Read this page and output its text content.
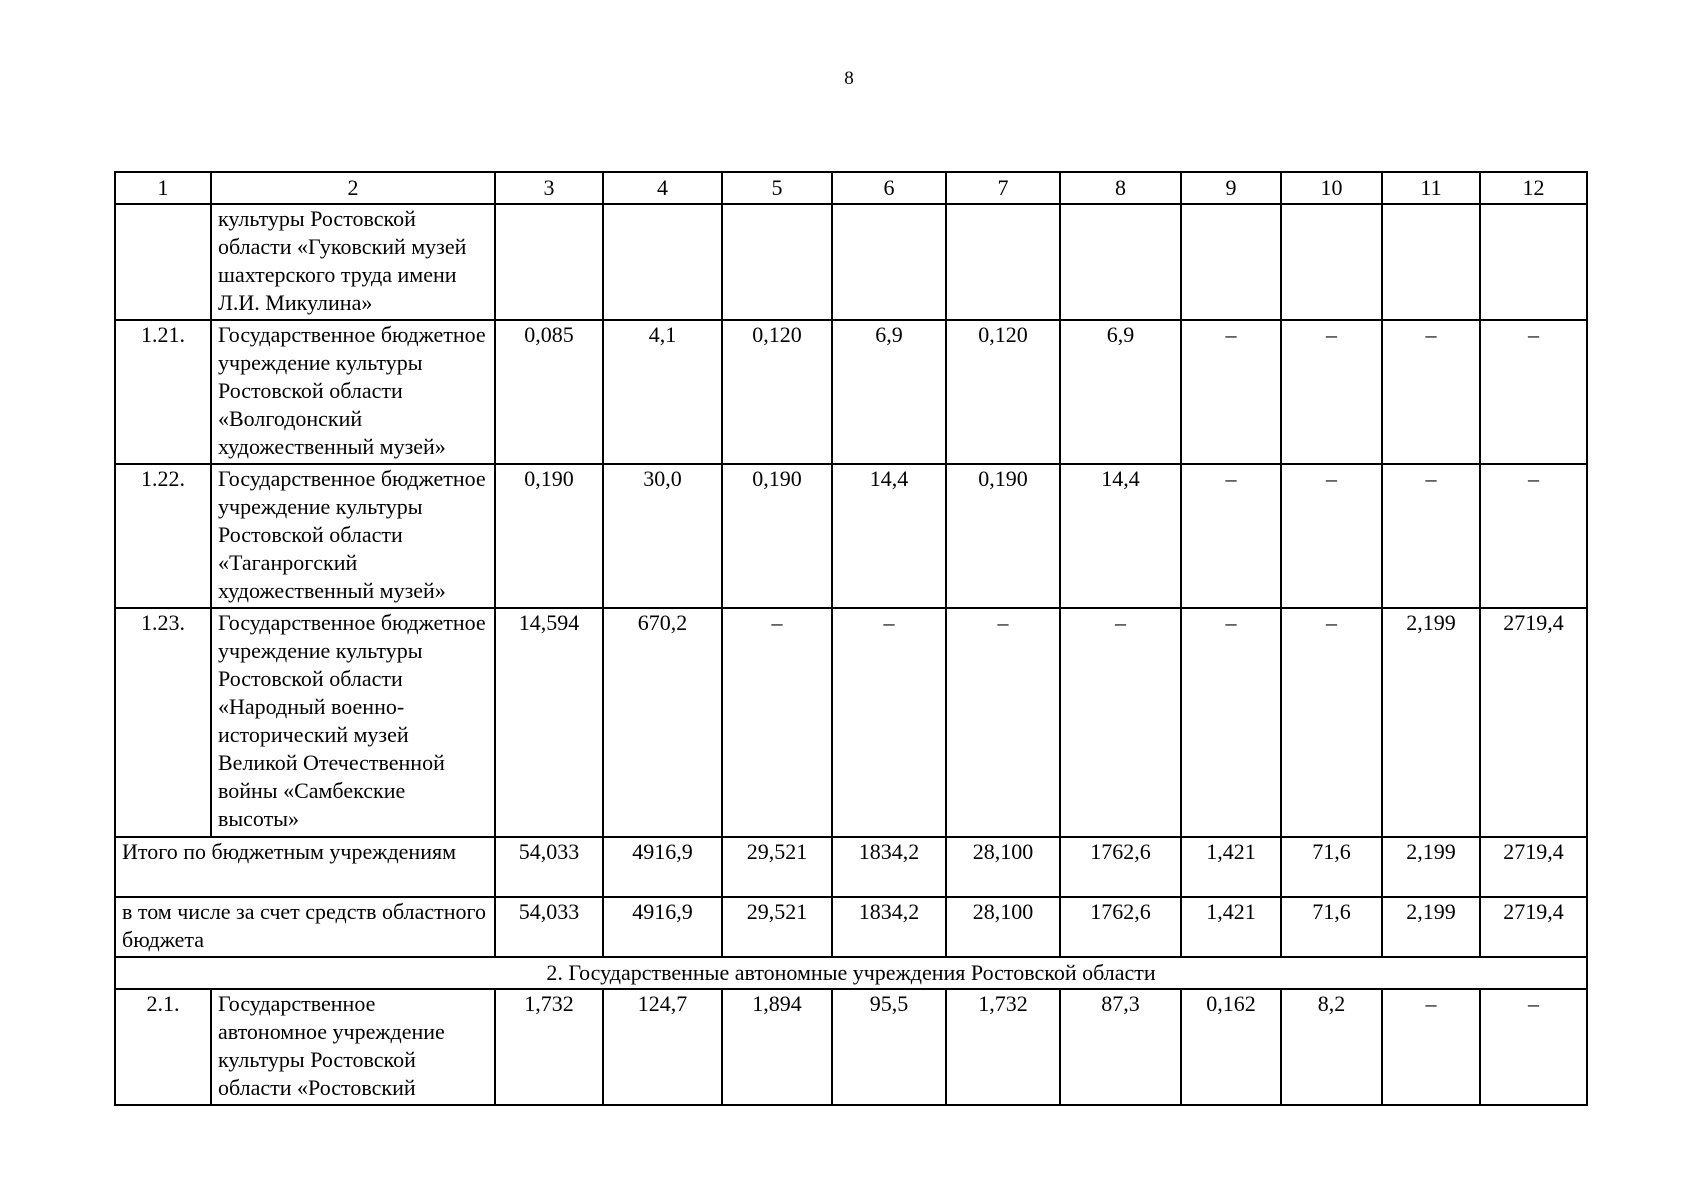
8
1	2	3	4	5	6	7	8	9	10	11	12
	культуры Ростовской области «Гуковский музей шахтерского труда имени Л.И. Микулина»										
1.21.	Государственное бюджетное учреждение культуры Ростовской области «Волгодонский художественный музей»	0,085	4,1	0,120	6,9	0,120	6,9	–	–	–	–
1.22.	Государственное бюджетное учреждение культуры Ростовской области «Таганрогский художественный музей»	0,190	30,0	0,190	14,4	0,190	14,4	–	–	–	–
1.23.	Государственное бюджетное учреждение культуры Ростовской области «Народный военно-исторический музей Великой Отечественной войны «Самбекские высоты»	14,594	670,2	–	–	–	–	–	–	2,199	2719,4
Итого по бюджетным учреждениям		54,033	4916,9	29,521	1834,2	28,100	1762,6	1,421	71,6	2,199	2719,4
в том числе за счет средств областного бюджета		54,033	4916,9	29,521	1834,2	28,100	1762,6	1,421	71,6	2,199	2719,4
2. Государственные автономные учреждения Ростовской области											
2.1.	Государственное автономное учреждение культуры Ростовской области «Ростовский	1,732	124,7	1,894	95,5	1,732	87,3	0,162	8,2	–	–
